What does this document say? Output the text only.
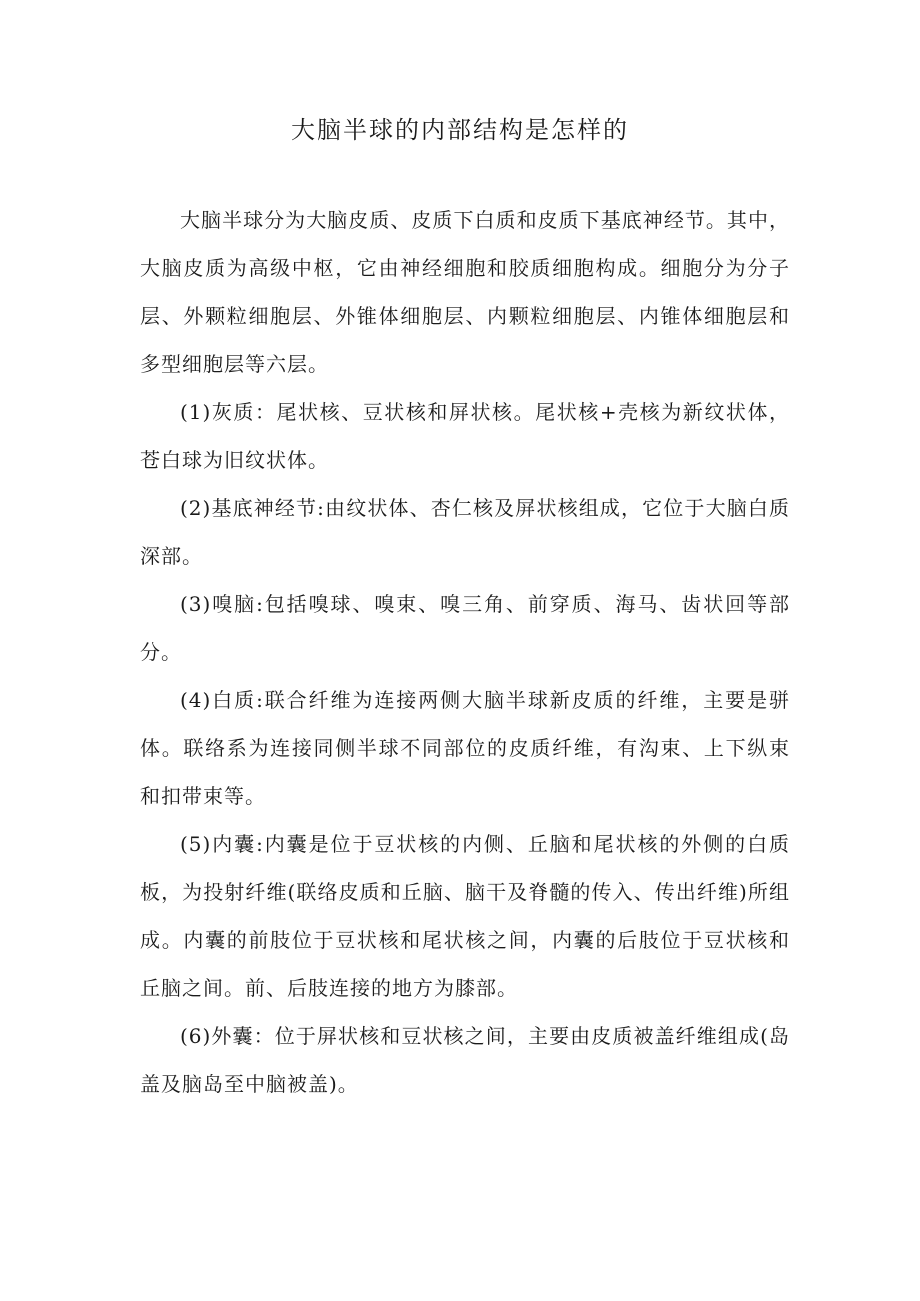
大脑半球的内部结构是怎样的

大脑半球分为大脑皮质、皮质下白质和皮质下基底神经节。其中，大脑皮质为高级中枢，它由神经细胞和胶质细胞构成。细胞分为分子层、外颗粒细胞层、外锥体细胞层、内颗粒细胞层、内锥体细胞层和多型细胞层等六层。

(1)灰质：尾状核、豆状核和屏状核。尾状核+壳核为新纹状体，苍白球为旧纹状体。

(2)基底神经节:由纹状体、杏仁核及屏状核组成，它位于大脑白质深部。

(3)嗅脑:包括嗅球、嗅束、嗅三角、前穿质、海马、齿状回等部分。

(4)白质:联合纤维为连接两侧大脑半球新皮质的纤维，主要是骈体。联络系为连接同侧半球不同部位的皮质纤维，有沟束、上下纵束和扣带束等。

(5)内囊:内囊是位于豆状核的内侧、丘脑和尾状核的外侧的白质板，为投射纤维(联络皮质和丘脑、脑干及脊髓的传入、传出纤维)所组成。内囊的前肢位于豆状核和尾状核之间，内囊的后肢位于豆状核和丘脑之间。前、后肢连接的地方为膝部。

(6)外囊：位于屏状核和豆状核之间，主要由皮质被盖纤维组成(岛盖及脑岛至中脑被盖)。
